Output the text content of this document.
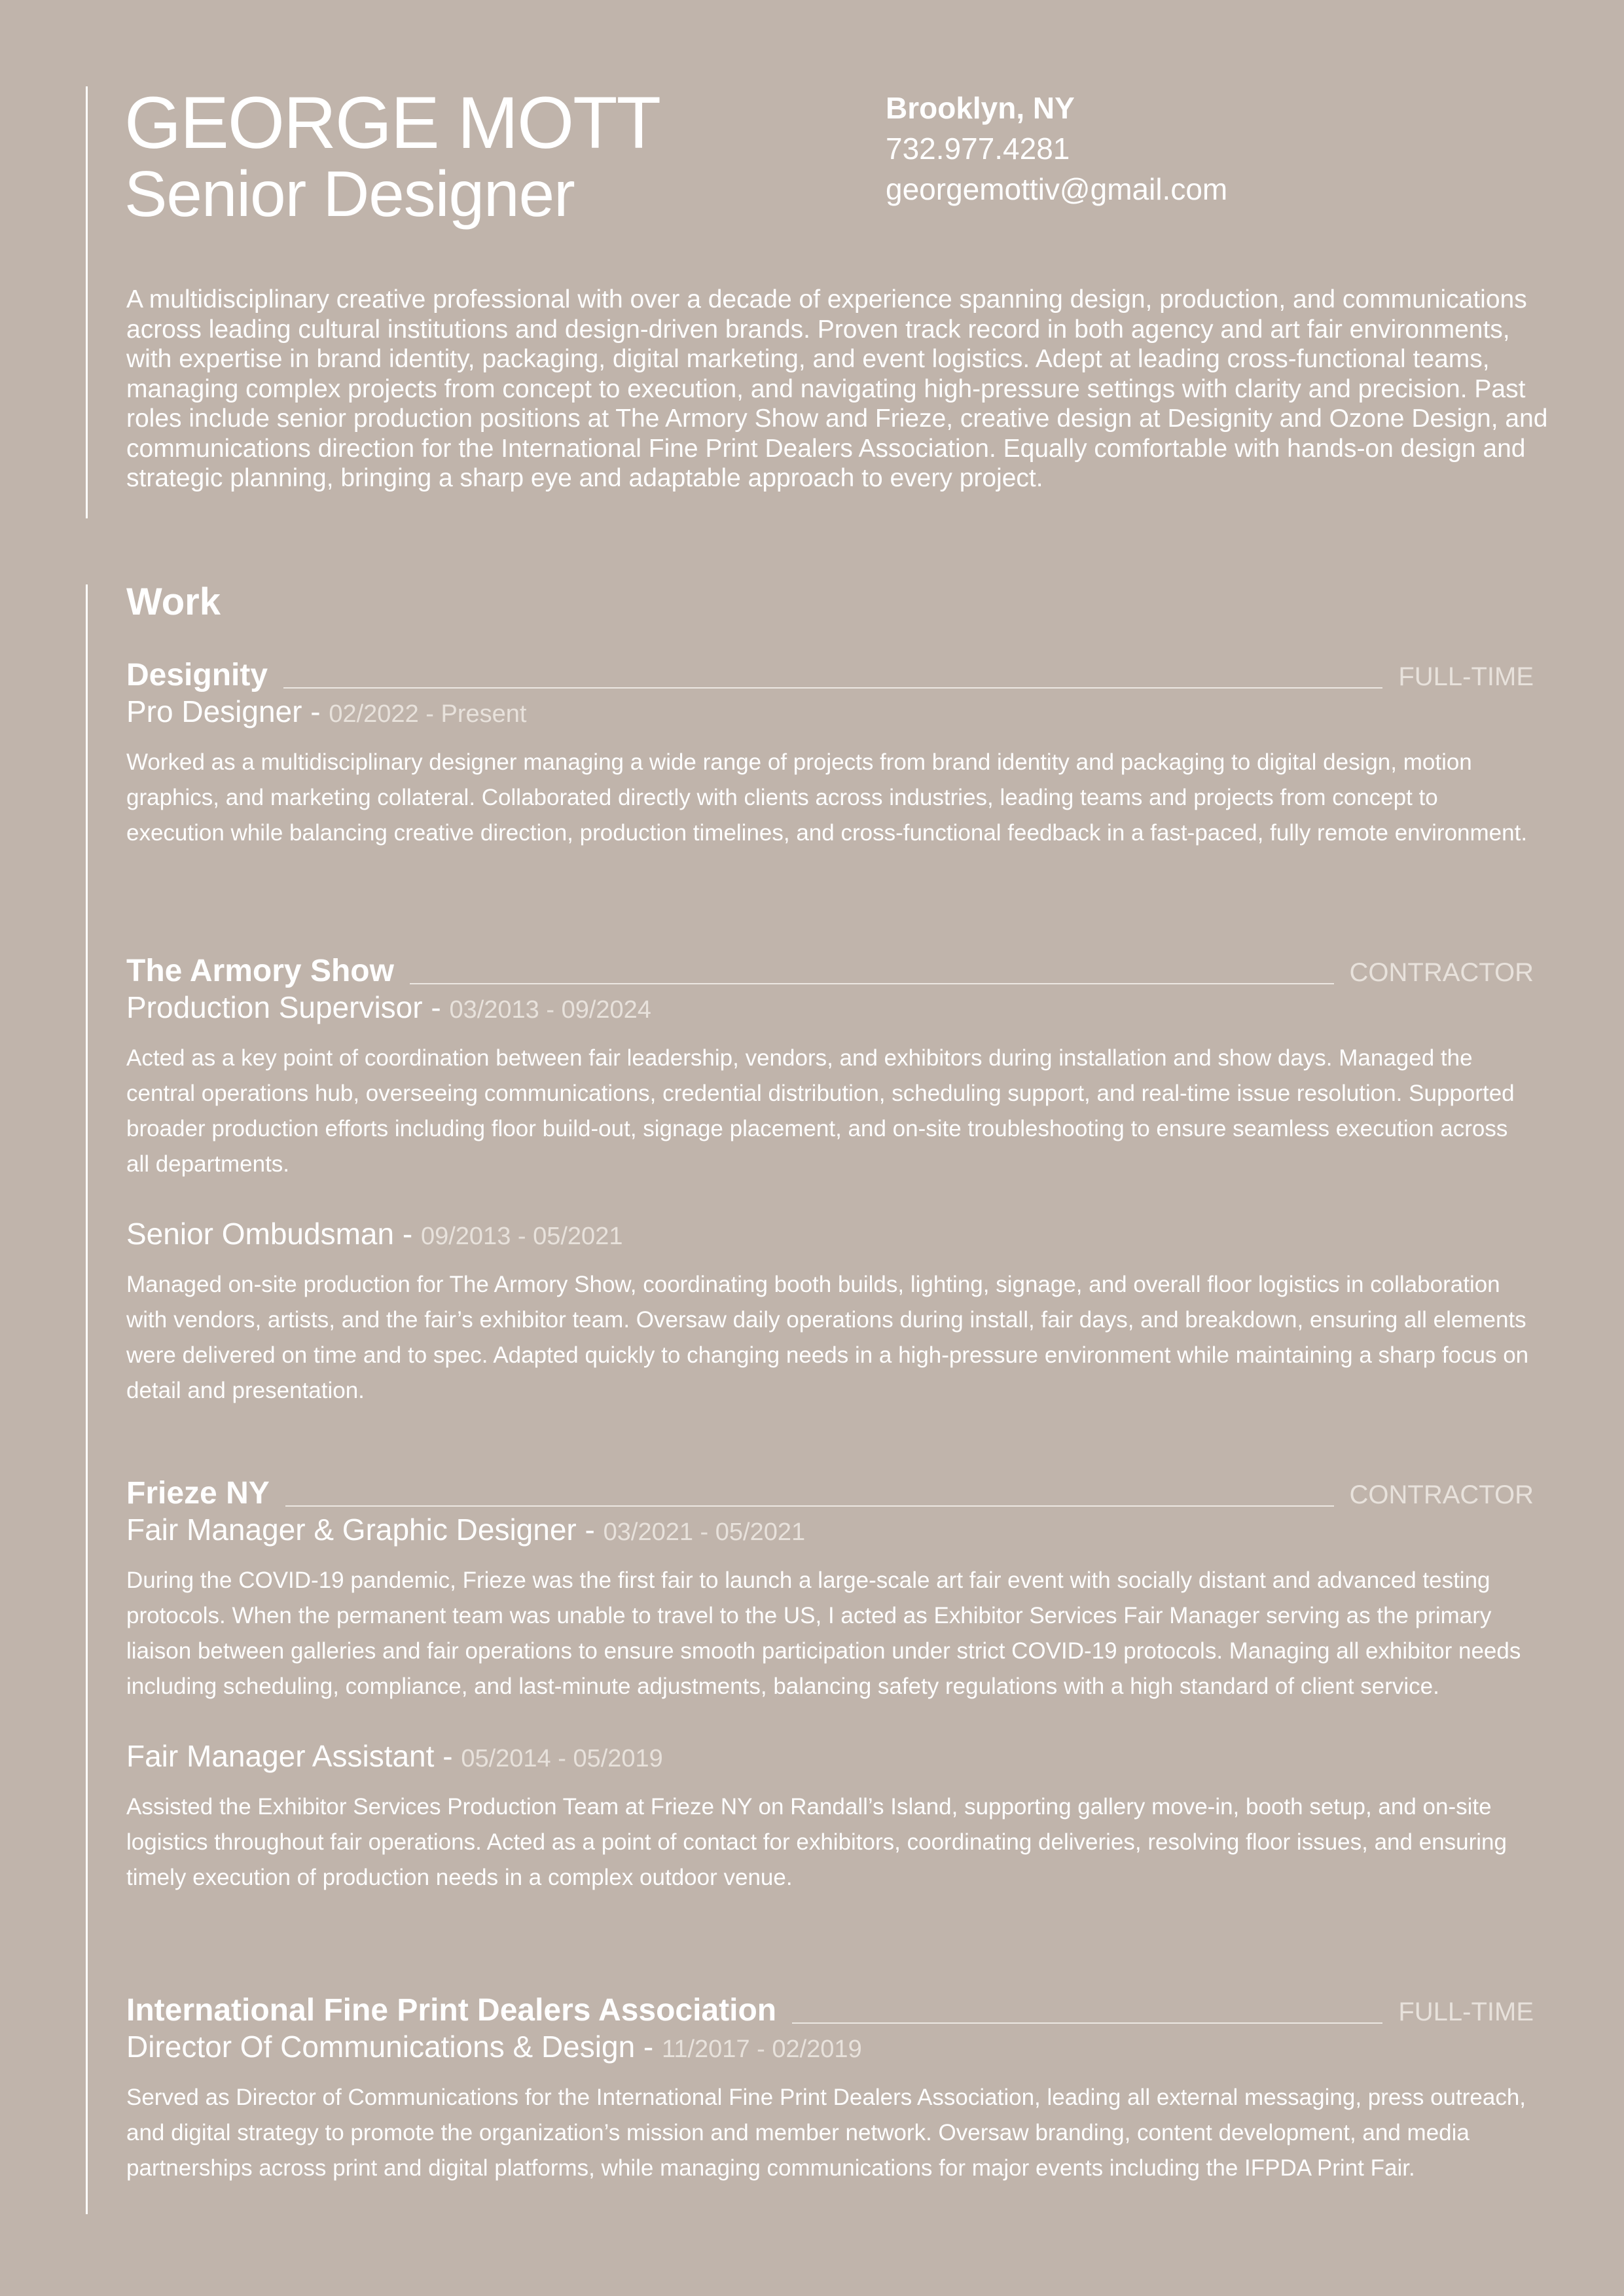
GEORGE MOTT
Senior Designer
Brooklyn, NY
732.977.4281
georgemottiv@gmail.com
A multidisciplinary creative professional with over a decade of experience spanning design, production, and communications across leading cultural institutions and design-driven brands. Proven track record in both agency and art fair environments, with expertise in brand identity, packaging, digital marketing, and event logistics. Adept at leading cross-functional teams, managing complex projects from concept to execution, and navigating high-pressure settings with clarity and precision. Past roles include senior production positions at The Armory Show and Frieze, creative design at Designity and Ozone Design, and communications direction for the International Fine Print Dealers Association. Equally comfortable with hands-on design and strategic planning, bringing a sharp eye and adaptable approach to every project.
Work
Designity	FULL-TIME
Pro Designer - 02/2022 - Present
Worked as a multidisciplinary designer managing a wide range of projects from brand identity and packaging to digital design, motion graphics, and marketing collateral. Collaborated directly with clients across industries, leading teams and projects from concept to execution while balancing creative direction, production timelines, and cross-functional feedback in a fast-paced, fully remote environment.
The Armory Show	CONTRACTOR
Production Supervisor - 03/2013 - 09/2024
Acted as a key point of coordination between fair leadership, vendors, and exhibitors during installation and show days. Managed the central operations hub, overseeing communications, credential distribution, scheduling support, and real-time issue resolution. Supported broader production efforts including floor build-out, signage placement, and on-site troubleshooting to ensure seamless execution across all departments.
Senior Ombudsman - 09/2013 - 05/2021
Managed on-site production for The Armory Show, coordinating booth builds, lighting, signage, and overall floor logistics in collaboration with vendors, artists, and the fair’s exhibitor team. Oversaw daily operations during install, fair days, and breakdown, ensuring all elements were delivered on time and to spec. Adapted quickly to changing needs in a high-pressure environment while maintaining a sharp focus on detail and presentation.
Frieze NY	CONTRACTOR
Fair Manager & Graphic Designer - 03/2021 - 05/2021
During the COVID-19 pandemic, Frieze was the first fair to launch a large-scale art fair event with socially distant and advanced testing protocols. When the permanent team was unable to travel to the US, I acted as Exhibitor Services Fair Manager serving as the primary liaison between galleries and fair operations to ensure smooth participation under strict COVID-19 protocols. Managing all exhibitor needs including scheduling, compliance, and last-minute adjustments, balancing safety regulations with a high standard of client service.
Fair Manager Assistant - 05/2014 - 05/2019
Assisted the Exhibitor Services Production Team at Frieze NY on Randall’s Island, supporting gallery move-in, booth setup, and on-site logistics throughout fair operations. Acted as a point of contact for exhibitors, coordinating deliveries, resolving floor issues, and ensuring timely execution of production needs in a complex outdoor venue.
International Fine Print Dealers Association	FULL-TIME
Director Of Communications & Design - 11/2017 - 02/2019
Served as Director of Communications for the International Fine Print Dealers Association, leading all external messaging, press outreach, and digital strategy to promote the organization’s mission and member network. Oversaw branding, content development, and media partnerships across print and digital platforms, while managing communications for major events including the IFPDA Print Fair.
